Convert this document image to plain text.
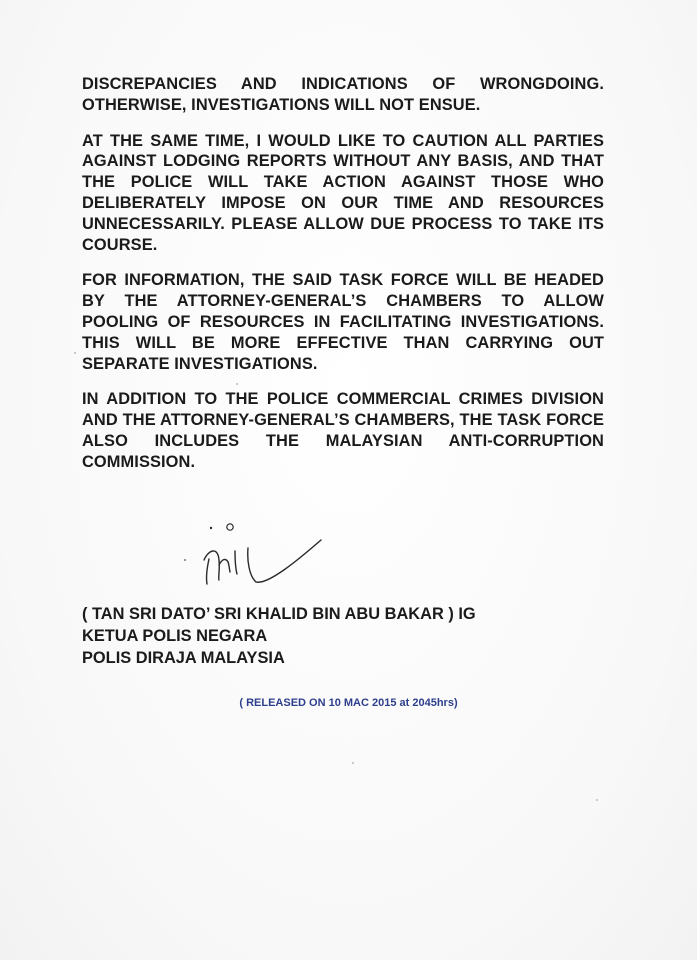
DISCREPANCIES AND INDICATIONS OF WRONGDOING. OTHERWISE, INVESTIGATIONS WILL NOT ENSUE.

AT THE SAME TIME, I WOULD LIKE TO CAUTION ALL PARTIES AGAINST LODGING REPORTS WITHOUT ANY BASIS, AND THAT THE POLICE WILL TAKE ACTION AGAINST THOSE WHO DELIBERATELY IMPOSE ON OUR TIME AND RESOURCES UNNECESSARILY. PLEASE ALLOW DUE PROCESS TO TAKE ITS COURSE.

FOR INFORMATION, THE SAID TASK FORCE WILL BE HEADED BY THE ATTORNEY-GENERAL’S CHAMBERS TO ALLOW POOLING OF RESOURCES IN FACILITATING INVESTIGATIONS. THIS WILL BE MORE EFFECTIVE THAN CARRYING OUT SEPARATE INVESTIGATIONS.

IN ADDITION TO THE POLICE COMMERCIAL CRIMES DIVISION AND THE ATTORNEY-GENERAL’S CHAMBERS, THE TASK FORCE ALSO INCLUDES THE MALAYSIAN ANTI-CORRUPTION COMMISSION.

( TAN SRI DATO’ SRI KHALID BIN ABU BAKAR ) IG
KETUA POLIS NEGARA
POLIS DIRAJA MALAYSIA
( RELEASED ON 10 MAC 2015 at 2045hrs)
